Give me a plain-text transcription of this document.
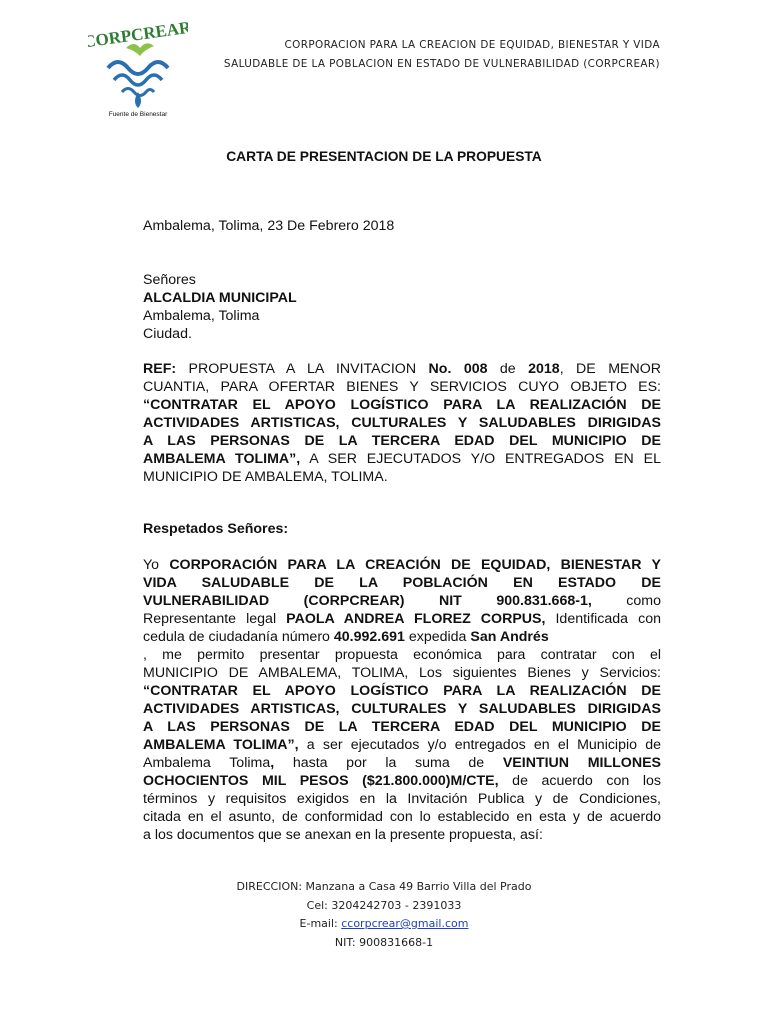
CORPCREAR
Fuente de Bienestar
CORPORACION PARA LA CREACION DE EQUIDAD, BIENESTAR Y VIDA
SALUDABLE DE LA POBLACION EN ESTADO DE VULNERABILIDAD (CORPCREAR)
CARTA DE PRESENTACION DE LA PROPUESTA

Ambalema, Tolima, 23 De Febrero 2018

Señores

ALCALDIA MUNICIPAL

Ambalema, Tolima

Ciudad.

REF: PROPUESTA A LA INVITACION No. 008 de 2018, DE MENOR

CUANTIA, PARA OFERTAR BIENES Y SERVICIOS CUYO OBJETO ES:

“CONTRATAR EL APOYO LOGÍSTICO PARA LA REALIZACIÓN DE

ACTIVIDADES ARTISTICAS, CULTURALES Y SALUDABLES DIRIGIDAS

A LAS PERSONAS DE LA TERCERA EDAD DEL MUNICIPIO DE

AMBALEMA TOLIMA”, A SER EJECUTADOS Y/O ENTREGADOS EN EL

MUNICIPIO DE AMBALEMA, TOLIMA.

Respetados Señores:

Yo CORPORACIÓN PARA LA CREACIÓN DE EQUIDAD, BIENESTAR Y

VIDA SALUDABLE DE LA POBLACIÓN EN ESTADO DE

VULNERABILIDAD (CORPCREAR) NIT 900.831.668-1, como

Representante legal PAOLA ANDREA FLOREZ CORPUS, Identificada con

cedula de ciudadanía número 40.992.691 expedida San Andrés

, me permito presentar propuesta económica para contratar con el

MUNICIPIO DE AMBALEMA, TOLIMA, Los siguientes Bienes y Servicios:

“CONTRATAR EL APOYO LOGÍSTICO PARA LA REALIZACIÓN DE

ACTIVIDADES ARTISTICAS, CULTURALES Y SALUDABLES DIRIGIDAS

A LAS PERSONAS DE LA TERCERA EDAD DEL MUNICIPIO DE

AMBALEMA TOLIMA”, a ser ejecutados y/o entregados en el Municipio de

Ambalema Tolima, hasta por la suma de VEINTIUN MILLONES

OCHOCIENTOS MIL PESOS ($21.800.000)M/CTE, de acuerdo con los

términos y requisitos exigidos en la Invitación Publica y de Condiciones,

citada en el asunto, de conformidad con lo establecido en esta y de acuerdo

a los documentos que se anexan en la presente propuesta, así:

DIRECCION: Manzana a Casa 49 Barrio Villa del Prado
Cel: 3204242703 - 2391033
E-mail: ccorpcrear@gmail.com
NIT: 900831668-1
